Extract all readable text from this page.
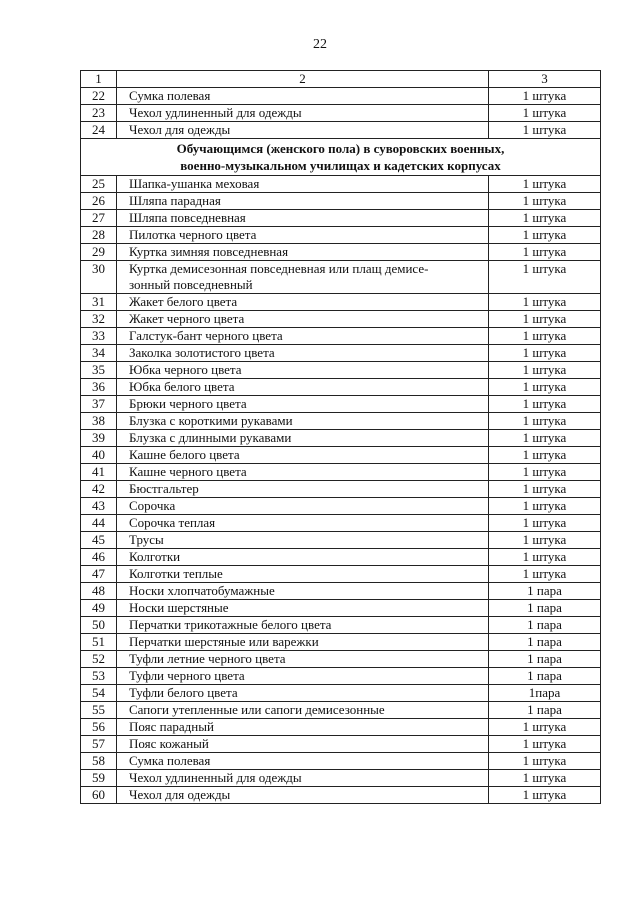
22
1	2	3
22	Сумка полевая	1 штука
23	Чехол удлиненный для одежды	1 штука
24	Чехол для одежды	1 штука

Обучающимся (женского пола) в суворовских военных,
военно-музыкальном училищах и кадетских корпусах		

25	Шапка-ушанка меховая	1 штука
26	Шляпа парадная	1 штука
27	Шляпа повседневная	1 штука
28	Пилотка черного цвета	1 штука
29	Куртка зимняя повседневная	1 штука
30	Куртка демисезонная повседневная или плащ демисе-
зонный повседневный	1 штука
31	Жакет белого цвета	1 штука
32	Жакет черного цвета	1 штука
33	Галстук-бант черного цвета	1 штука
34	Заколка золотистого цвета	1 штука
35	Юбка черного цвета	1 штука
36	Юбка белого цвета	1 штука
37	Брюки черного цвета	1 штука
38	Блузка с короткими рукавами	1 штука
39	Блузка с длинными рукавами	1 штука
40	Кашне белого цвета	1 штука
41	Кашне черного цвета	1 штука
42	Бюстгальтер	1 штука
43	Сорочка	1 штука
44	Сорочка теплая	1 штука
45	Трусы	1 штука
46	Колготки	1 штука
47	Колготки теплые	1 штука
48	Носки хлопчатобумажные	1 пара
49	Носки шерстяные	1 пара
50	Перчатки трикотажные белого цвета	1 пара
51	Перчатки шерстяные или варежки	1 пара
52	Туфли летние черного цвета	1 пара
53	Туфли черного цвета	1 пара
54	Туфли белого цвета	1пара
55	Сапоги утепленные или сапоги демисезонные	1 пара
56	Пояс парадный	1 штука
57	Пояс кожаный	1 штука
58	Сумка полевая	1 штука
59	Чехол удлиненный для одежды	1 штука
60	Чехол для одежды	1 штука
